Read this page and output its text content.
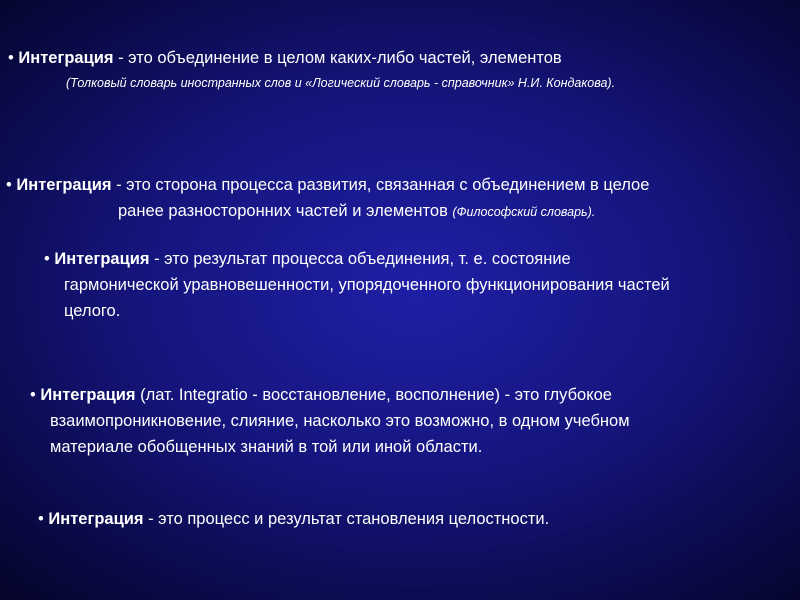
• Интеграция - это объединение в целом каких-либо частей, элементов
(Толковый словарь иностранных слов и «Логический словарь - справочник» Н.И. Кондакова).
• Интеграция - это сторона процесса развития, связанная с объединением в целое
ранее разносторонних частей и элементов (Философский словарь).
• Интеграция - это результат процесса объединения, т. е. состояние
гармонической уравновешенности, упорядоченного функционирования частей
целого.
• Интеграция (лат. Integratio - восстановление, восполнение) - это глубокое
взаимопроникновение, слияние, насколько это возможно, в одном учебном
материале обобщенных знаний в той или иной области.
• Интеграция - это процесс и результат становления целостности.
